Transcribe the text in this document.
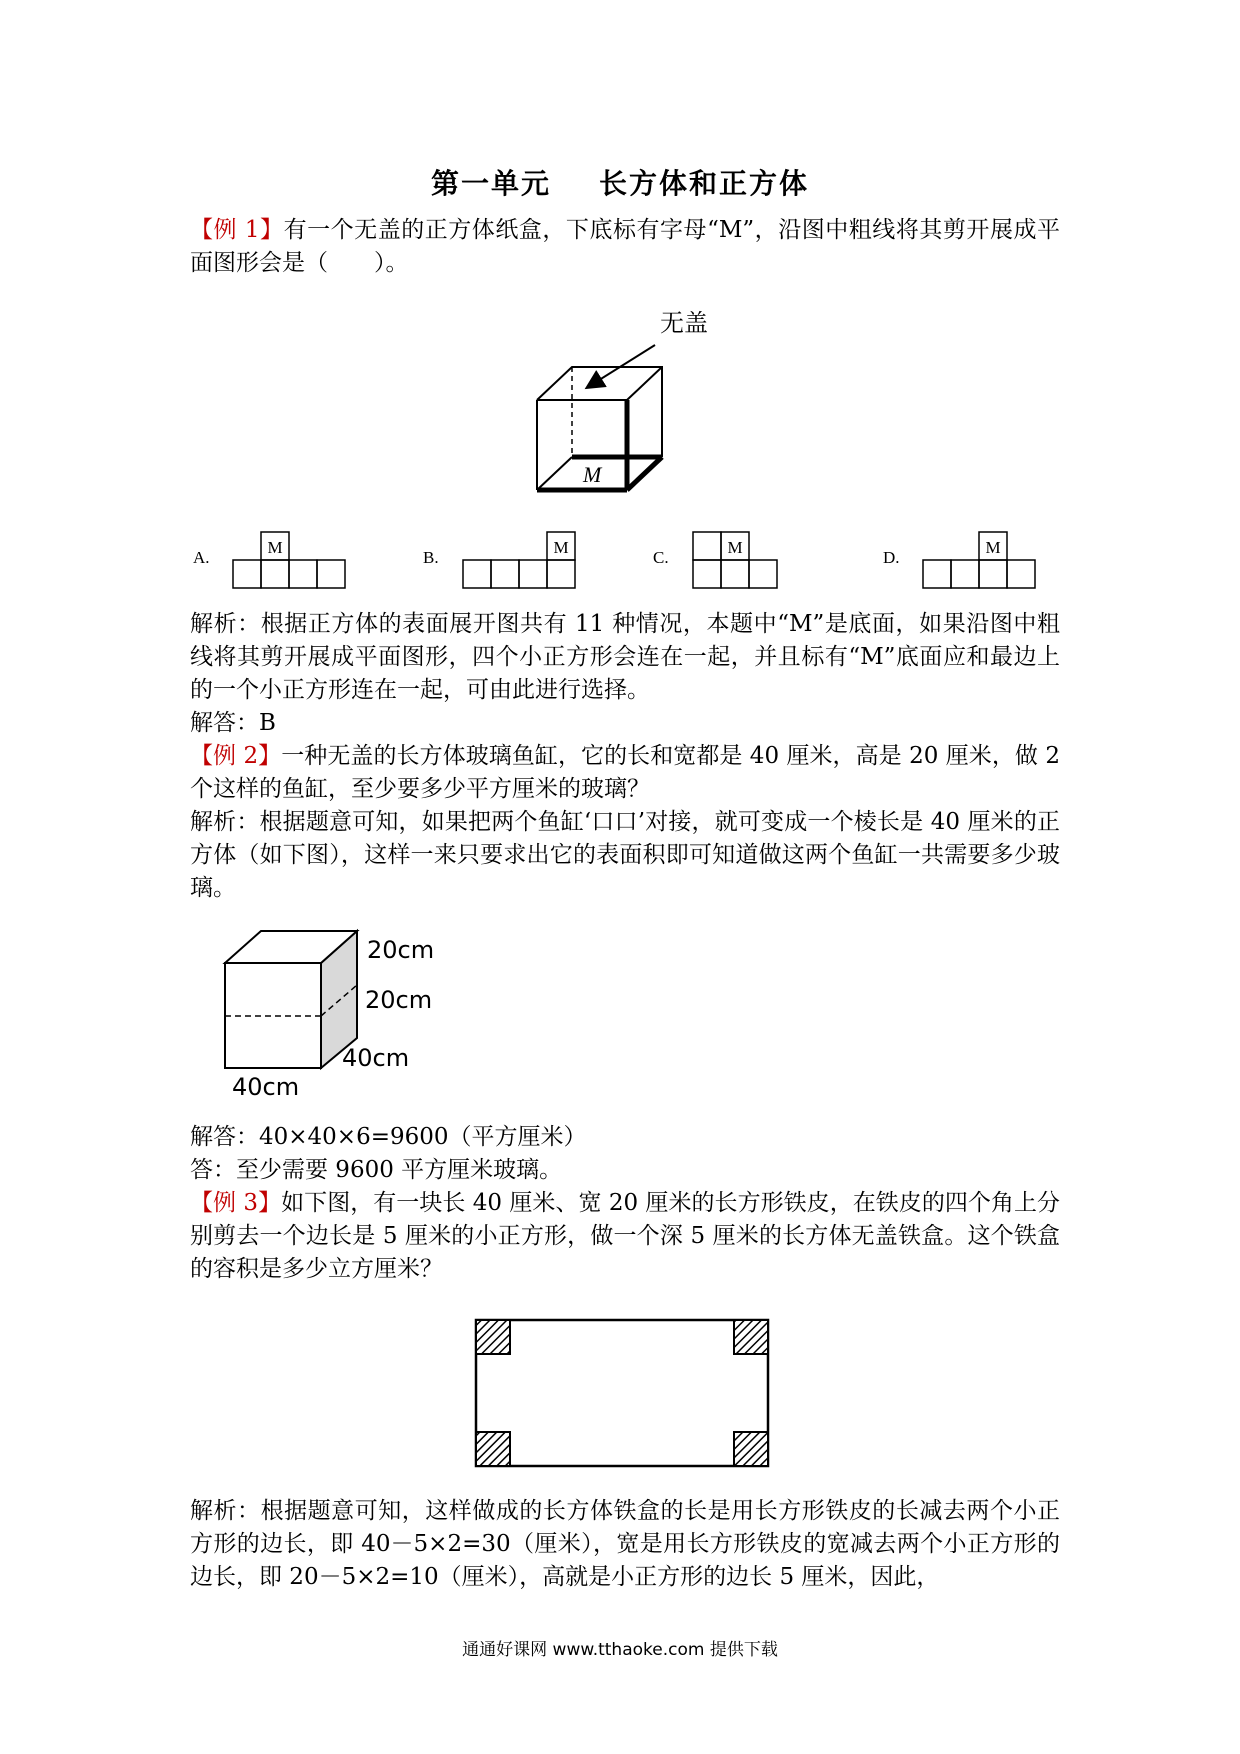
第一单元 长方体和正方体

【例 1】有一个无盖的正方体纸盒，下底标有字母“M”，沿图中粗线将其剪开展成平面图形会是（　　）。

无盖
M
A.
M
B.
M
C.
M
D.
M

解析：根据正方体的表面展开图共有 11 种情况，本题中“M”是底面，如果沿图中粗线将其剪开展成平面图形，四个小正方形会连在一起，并且标有“M”底面应和最边上的一个小正方形连在一起，可由此进行选择。

解答：B

【例 2】一种无盖的长方体玻璃鱼缸，它的长和宽都是 40 厘米，高是 20 厘米，做 2 个这样的鱼缸，至少要多少平方厘米的玻璃？

解析：根据题意可知，如果把两个鱼缸‘口口’对接，就可变成一个棱长是 40 厘米的正方体（如下图），这样一来只要求出它的表面积即可知道做这两个鱼缸一共需要多少玻璃。

20cm
20cm
40cm
40cm

解答：40×40×6=9600（平方厘米）

答：至少需要 9600 平方厘米玻璃。

【例 3】如下图，有一块长 40 厘米、宽 20 厘米的长方形铁皮，在铁皮的四个角上分别剪去一个边长是 5 厘米的小正方形，做一个深 5 厘米的长方体无盖铁盒。这个铁盒的容积是多少立方厘米？

解析：根据题意可知，这样做成的长方体铁盒的长是用长方形铁皮的长减去两个小正方形的边长，即 40－5×2=30（厘米），宽是用长方形铁皮的宽减去两个小正方形的边长，即 20－5×2=10（厘米），高就是小正方形的边长 5 厘米，因此，

通通好课网 www.tthaoke.com 提供下载
